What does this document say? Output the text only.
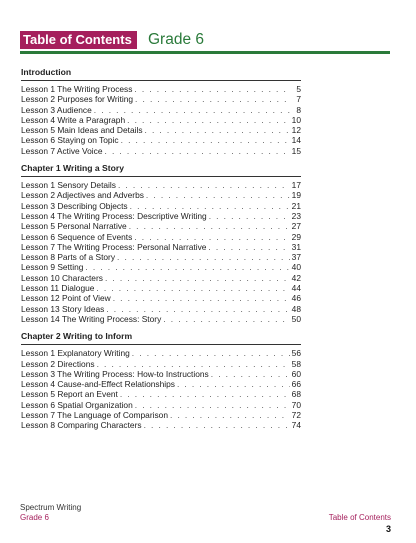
Table of Contents	Grade 6
Introduction
Lesson 1 The Writing Process . . .	5
Lesson 2 Purposes for Writing . . .	7
Lesson 3 Audience . . .	8
Lesson 4 Write a Paragraph . . .	10
Lesson 5 Main Ideas and Details . . .	12
Lesson 6 Staying on Topic . . .	14
Lesson 7 Active Voice . . .	15
Chapter 1 Writing a Story
Lesson 1 Sensory Details . . .	17
Lesson 2 Adjectives and Adverbs . . .	19
Lesson 3 Describing Objects . . .	21
Lesson 4 The Writing Process: Descriptive Writing . . .	23
Lesson 5 Personal Narrative . . .	27
Lesson 6 Sequence of Events . . .	29
Lesson 7 The Writing Process: Personal Narrative . . .	31
Lesson 8 Parts of a Story . . .	37
Lesson 9 Setting . . .	40
Lesson 10 Characters . . .	42
Lesson 11 Dialogue . . .	44
Lesson 12 Point of View . . .	46
Lesson 13 Story Ideas . . .	48
Lesson 14 The Writing Process: Story . . .	50
Chapter 2 Writing to Inform
Lesson 1 Explanatory Writing . . .	56
Lesson 2 Directions . . .	58
Lesson 3 The Writing Process: How-to Instructions . . .	60
Lesson 4 Cause-and-Effect Relationships . . .	66
Lesson 5 Report an Event . . .	68
Lesson 6 Spatial Organization . . .	70
Lesson 7 The Language of Comparison . . .	72
Lesson 8 Comparing Characters . . .	74
Spectrum Writing
Grade 6	Table of Contents
3
